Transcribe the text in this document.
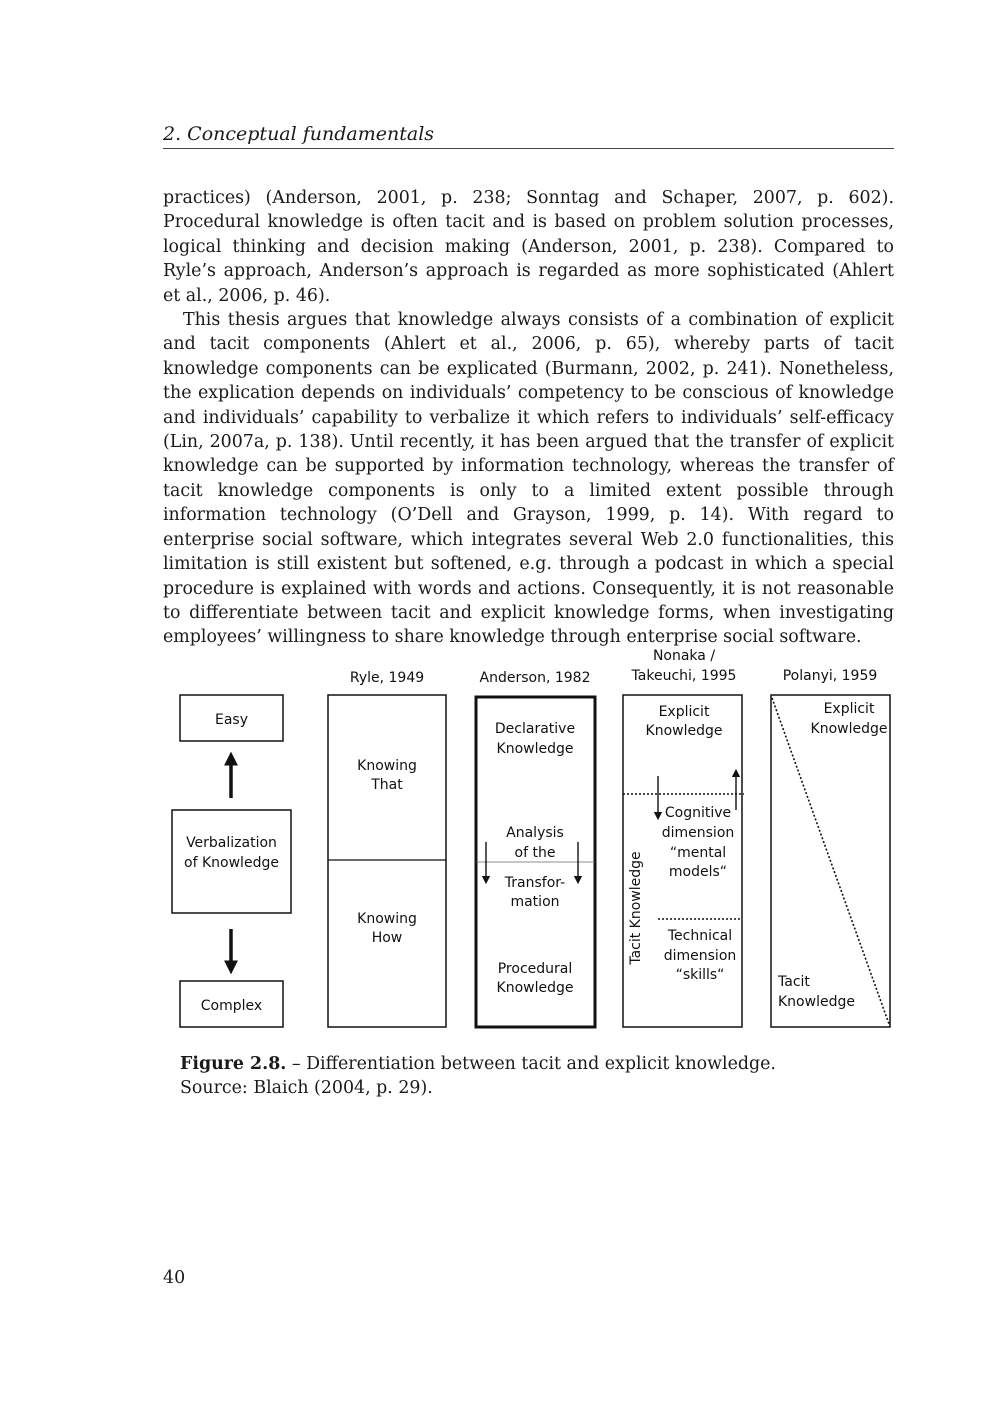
2. Conceptual fundamentals

practices) (Anderson, 2001, p. 238; Sonntag and Schaper, 2007, p. 602). Procedural knowledge is often tacit and is based on problem solution processes, logical thinking and decision making (Anderson, 2001, p. 238). Compared to Ryle’s approach, Anderson’s approach is regarded as more sophisticated (Ahlert et al., 2006, p. 46).

This thesis argues that knowledge always consists of a combination of explicit and tacit components (Ahlert et al., 2006, p. 65), whereby parts of tacit knowledge components can be explicated (Burmann, 2002, p. 241). Nonetheless, the explication depends on individuals’ competency to be conscious of knowledge and individuals’ capability to verbalize it which refers to individuals’ self-efficacy (Lin, 2007a, p. 138). Until recently, it has been argued that the transfer of explicit knowledge can be supported by information technology, whereas the transfer of tacit knowledge components is only to a limited extent possible through information technology (O’Dell and Grayson, 1999, p. 14). With regard to enterprise social software, which integrates several Web 2.0 functionalities, this limitation is still existent but softened, e.g. through a podcast in which a special procedure is explained with words and actions. Consequently, it is not reasonable to differentiate between tacit and explicit knowledge forms, when investigating employees’ willingness to share knowledge through enterprise social software.

Easy
Verbalization
of Knowledge
Complex
Ryle, 1949
Knowing
That
Knowing
How
Anderson, 1982
Declarative
Knowledge
Analysis
of the
Transfor-
mation
Procedural
Knowledge
Nonaka /
Takeuchi, 1995
Explicit
Knowledge
Tacit Knowledge
Cognitive
dimension
“mental
models“
Technical
dimension
“skills“
Polanyi, 1959
Explicit
Knowledge
Tacit
Knowledge
Figure 2.8. – Differentiation between tacit and explicit knowledge.
Source: Blaich (2004, p. 29).
40
